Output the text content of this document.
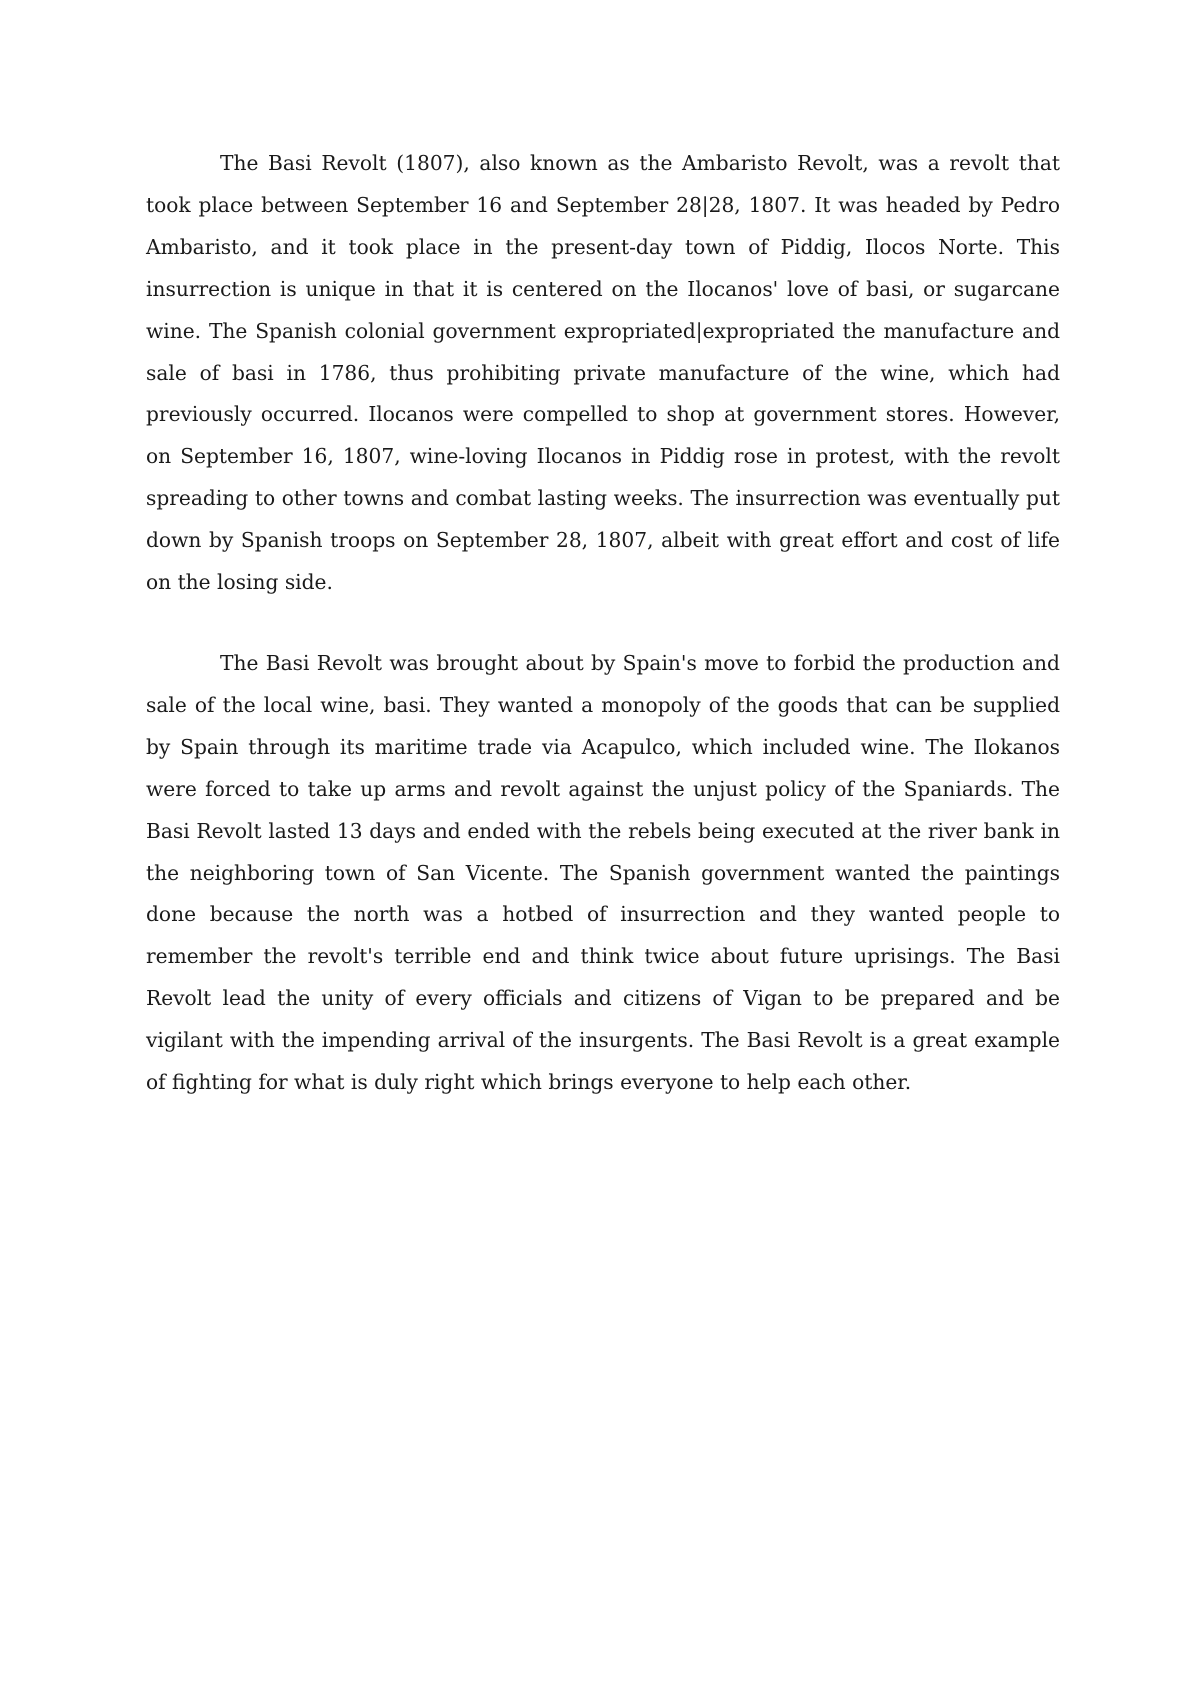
The Basi Revolt (1807), also known as the Ambaristo Revolt, was a revolt that took place between September 16 and September 28|28, 1807. It was headed by Pedro Ambaristo, and it took place in the present-day town of Piddig, Ilocos Norte. This insurrection is unique in that it is centered on the Ilocanos' love of basi, or sugarcane wine. The Spanish colonial government expropriated|expropriated the manufacture and sale of basi in 1786, thus prohibiting private manufacture of the wine, which had previously occurred. Ilocanos were compelled to shop at government stores. However, on September 16, 1807, wine-loving Ilocanos in Piddig rose in protest, with the revolt spreading to other towns and combat lasting weeks. The insurrection was eventually put down by Spanish troops on September 28, 1807, albeit with great effort and cost of life on the losing side.

The Basi Revolt was brought about by Spain's move to forbid the production and sale of the local wine, basi. They wanted a monopoly of the goods that can be supplied by Spain through its maritime trade via Acapulco, which included wine. The Ilokanos were forced to take up arms and revolt against the unjust policy of the Spaniards. The Basi Revolt lasted 13 days and ended with the rebels being executed at the river bank in the neighboring town of San Vicente. The Spanish government wanted the paintings done because the north was a hotbed of insurrection and they wanted people to remember the revolt's terrible end and think twice about future uprisings. The Basi Revolt lead the unity of every officials and citizens of Vigan to be prepared and be vigilant with the impending arrival of the insurgents. The Basi Revolt is a great example of fighting for what is duly right which brings everyone to help each other.
